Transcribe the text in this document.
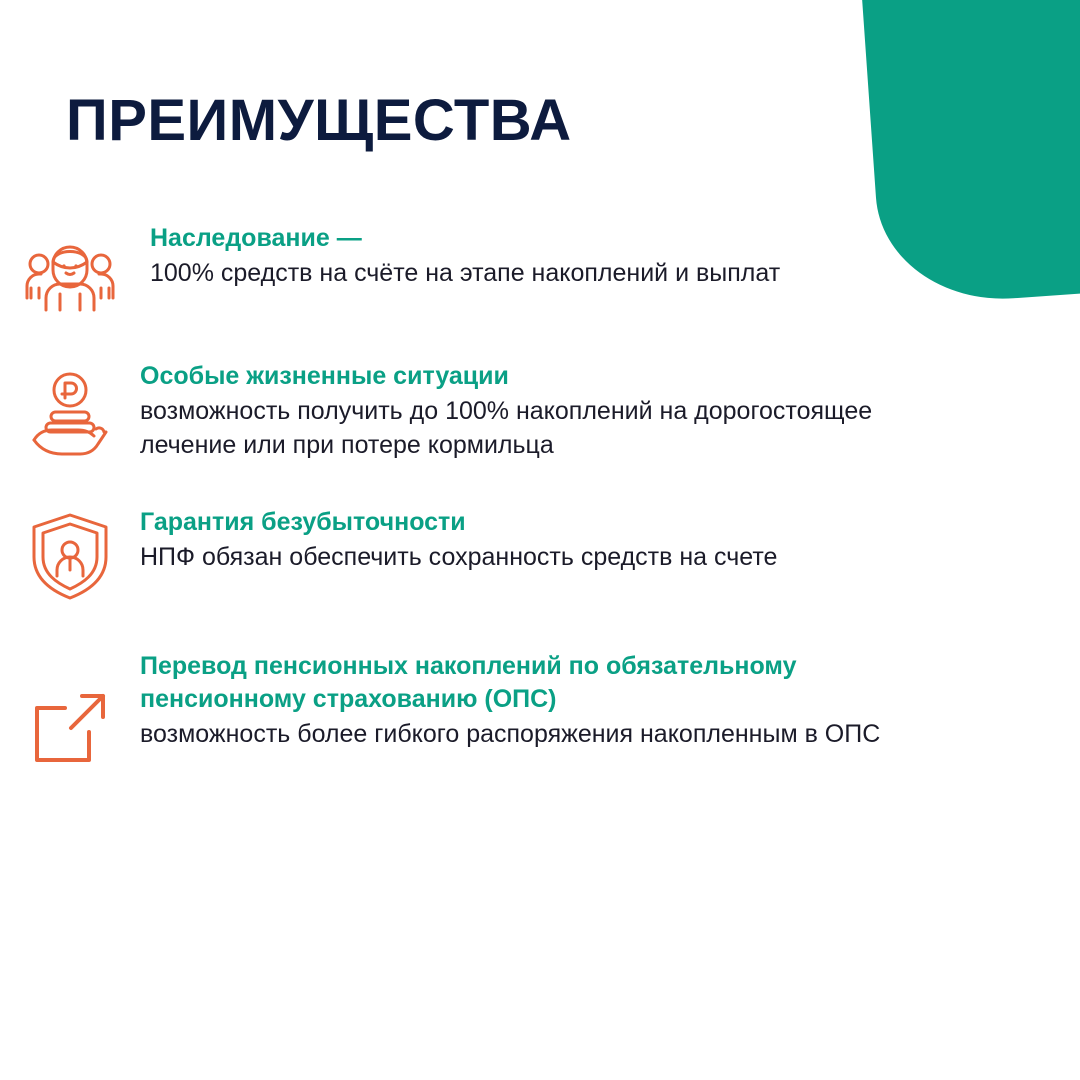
ПРЕИМУЩЕСТВА

Наследование —

100% средств на счёте на этапе накоплений и выплат

Особые жизненные ситуации

возможность получить до 100% накоплений на дорогостоящее лечение или при потере кормильца

Гарантия безубыточности

НПФ обязан обеспечить сохранность средств на счете

Перевод пенсионных накоплений по обязательному пенсионному страхованию (ОПС)

возможность более гибкого распоряжения накопленным в ОПС
